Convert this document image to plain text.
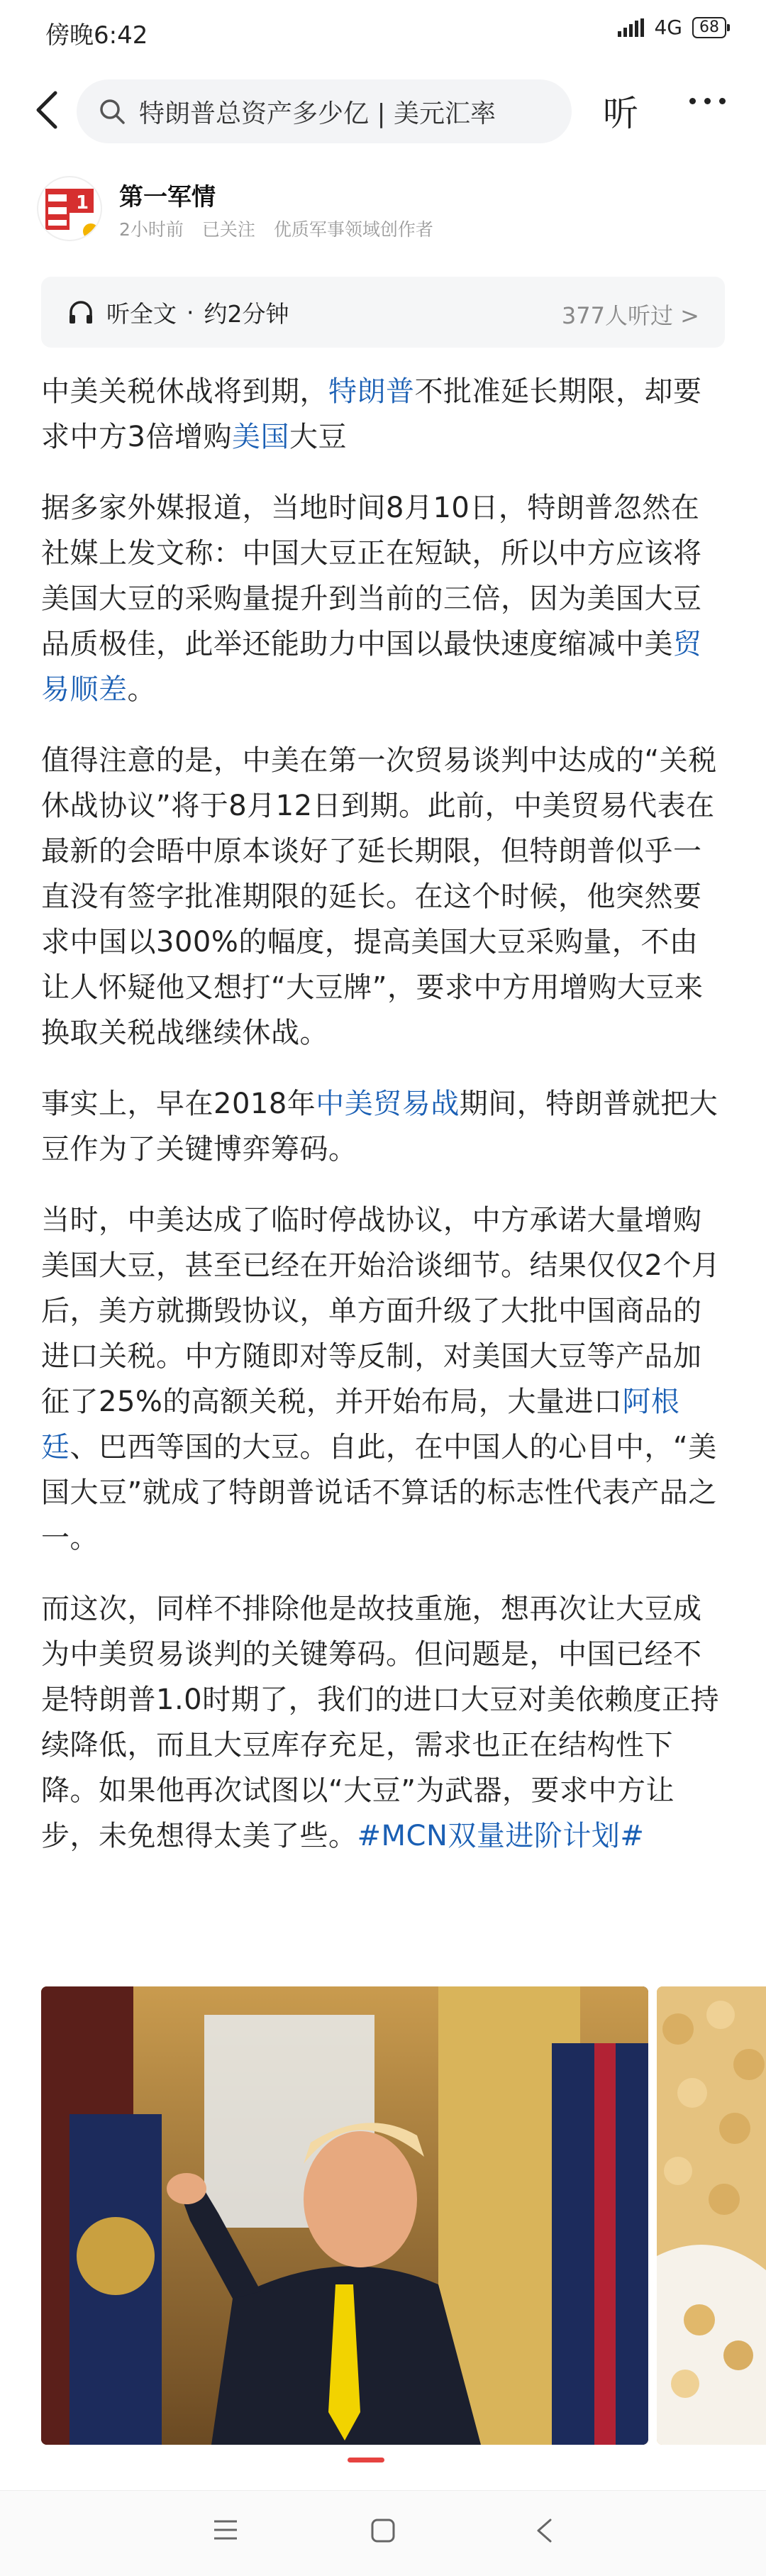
傍晚6:42	4G	68
特朗普总资产多少亿 | 美元汇率	听
1 第一军情
2小时前 已关注 优质军事领域创作者
听全文 · 约2分钟	377人听过 >

中美关税休战将到期，特朗普不批准延长期限，却要求中方3倍增购美国大豆

据多家外媒报道，当地时间8月10日，特朗普忽然在社媒上发文称：中国大豆正在短缺，所以中方应该将美国大豆的采购量提升到当前的三倍，因为美国大豆品质极佳，此举还能助力中国以最快速度缩减中美贸易顺差。

值得注意的是，中美在第一次贸易谈判中达成的“关税休战协议”将于8月12日到期。此前，中美贸易代表在最新的会晤中原本谈好了延长期限，但特朗普似乎一直没有签字批准期限的延长。在这个时候，他突然要求中国以300%的幅度，提高美国大豆采购量，不由让人怀疑他又想打“大豆牌”，要求中方用增购大豆来换取关税战继续休战。

事实上，早在2018年中美贸易战期间，特朗普就把大豆作为了关键博弈筹码。

当时，中美达成了临时停战协议，中方承诺大量增购美国大豆，甚至已经在开始洽谈细节。结果仅仅2个月后，美方就撕毁协议，单方面升级了大批中国商品的进口关税。中方随即对等反制，对美国大豆等产品加征了25%的高额关税，并开始布局，大量进口阿根廷、巴西等国的大豆。自此，在中国人的心目中，“美国大豆”就成了特朗普说话不算话的标志性代表产品之一。

而这次，同样不排除他是故技重施，想再次让大豆成为中美贸易谈判的关键筹码。但问题是，中国已经不是特朗普1.0时期了，我们的进口大豆对美依赖度正持续降低，而且大豆库存充足，需求也正在结构性下降。如果他再次试图以“大豆”为武器，要求中方让步，未免想得太美了些。#MCN双量进阶计划#
